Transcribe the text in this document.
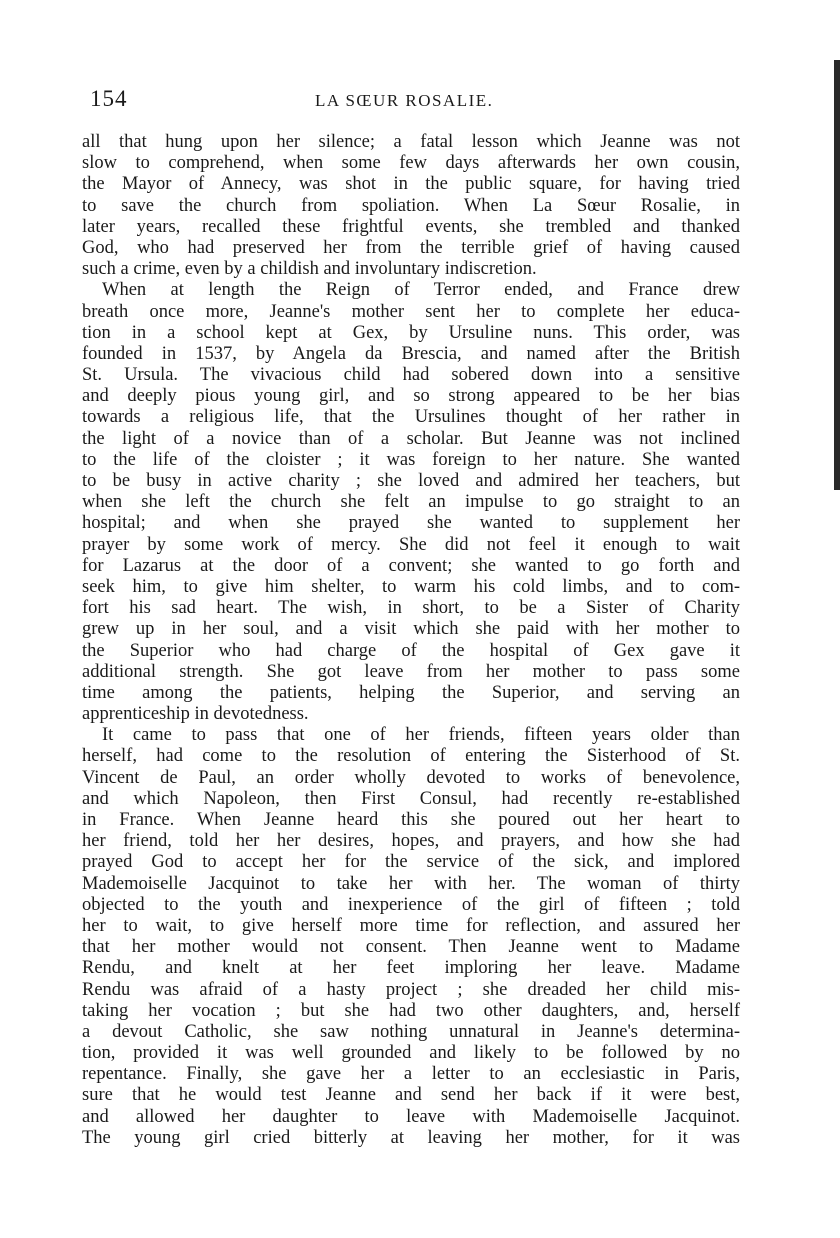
154	LA SŒUR ROSALIE.
all that hung upon her silence; a fatal lesson which Jeanne was not
slow to comprehend, when some few days afterwards her own cousin,
the Mayor of Annecy, was shot in the public square, for having tried
to save the church from spoliation. When La Sœur Rosalie, in
later years, recalled these frightful events, she trembled and thanked
God, who had preserved her from the terrible grief of having caused
such a crime, even by a childish and involuntary indiscretion.
When at length the Reign of Terror ended, and France drew
breath once more, Jeanne's mother sent her to complete her educa-
tion in a school kept at Gex, by Ursuline nuns. This order, was
founded in 1537, by Angela da Brescia, and named after the British
St. Ursula. The vivacious child had sobered down into a sensitive
and deeply pious young girl, and so strong appeared to be her bias
towards a religious life, that the Ursulines thought of her rather in
the light of a novice than of a scholar. But Jeanne was not inclined
to the life of the cloister ; it was foreign to her nature. She wanted
to be busy in active charity ; she loved and admired her teachers, but
when she left the church she felt an impulse to go straight to an
hospital; and when she prayed she wanted to supplement her
prayer by some work of mercy. She did not feel it enough to wait
for Lazarus at the door of a convent; she wanted to go forth and
seek him, to give him shelter, to warm his cold limbs, and to com-
fort his sad heart. The wish, in short, to be a Sister of Charity
grew up in her soul, and a visit which she paid with her mother to
the Superior who had charge of the hospital of Gex gave it
additional strength. She got leave from her mother to pass some
time among the patients, helping the Superior, and serving an
apprenticeship in devotedness.
It came to pass that one of her friends, fifteen years older than
herself, had come to the resolution of entering the Sisterhood of St.
Vincent de Paul, an order wholly devoted to works of benevolence,
and which Napoleon, then First Consul, had recently re-established
in France. When Jeanne heard this she poured out her heart to
her friend, told her her desires, hopes, and prayers, and how she had
prayed God to accept her for the service of the sick, and implored
Mademoiselle Jacquinot to take her with her. The woman of thirty
objected to the youth and inexperience of the girl of fifteen ; told
her to wait, to give herself more time for reflection, and assured her
that her mother would not consent. Then Jeanne went to Madame
Rendu, and knelt at her feet imploring her leave. Madame
Rendu was afraid of a hasty project ; she dreaded her child mis-
taking her vocation ; but she had two other daughters, and, herself
a devout Catholic, she saw nothing unnatural in Jeanne's determina-
tion, provided it was well grounded and likely to be followed by no
repentance. Finally, she gave her a letter to an ecclesiastic in Paris,
sure that he would test Jeanne and send her back if it were best,
and allowed her daughter to leave with Mademoiselle Jacquinot.
The young girl cried bitterly at leaving her mother, for it was
